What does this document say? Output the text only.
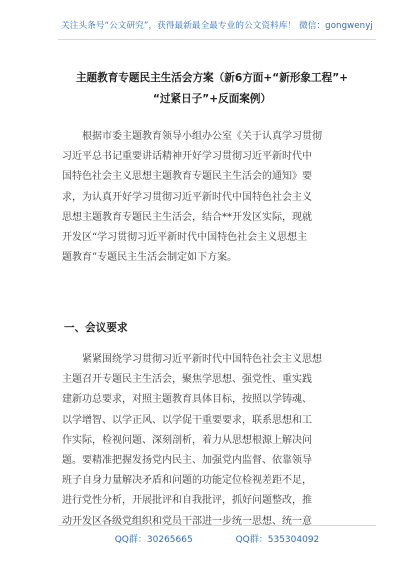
关注头条号“公文研究”，获得最新最全最专业的公文资料库！ 微信：gongwenyj
主题教育专题民主生活会方案（新6方面+“新形象工程”+
“过紧日子”+反面案例）
根据市委主题教育领导小组办公室《关于认真学习贯彻
习近平总书记重要讲话精神开好学习贯彻习近平新时代中
国特色社会主义思想主题教育专题民主生活会的通知》要
求，为认真开好学习贯彻习近平新时代中国特色社会主义
思想主题教育专题民主生活会，结合**开发区实际，现就
开发区“学习贯彻习近平新时代中国特色社会主义思想主
题教育”专题民主生活会制定如下方案。
一、会议要求
紧紧围绕学习贯彻习近平新时代中国特色社会主义思想
主题召开专题民主生活会，聚焦学思想、强党性、重实践
建新功总要求，对照主题教育具体目标，按照以学铸魂、
以学增智、以学正风、以学促干重要要求，联系思想和工
作实际，检视问题、深刻剖析，着力从思想根源上解决问
题。要精准把握发扬党内民主、加强党内监督、依靠领导
班子自身力量解决矛盾和问题的功能定位检视差距不足，
进行党性分析，开展批评和自我批评，抓好问题整改，推
动开发区各级党组织和党员干部进一步统一思想、统一意
QQ群：30265665	QQ群：535304092
